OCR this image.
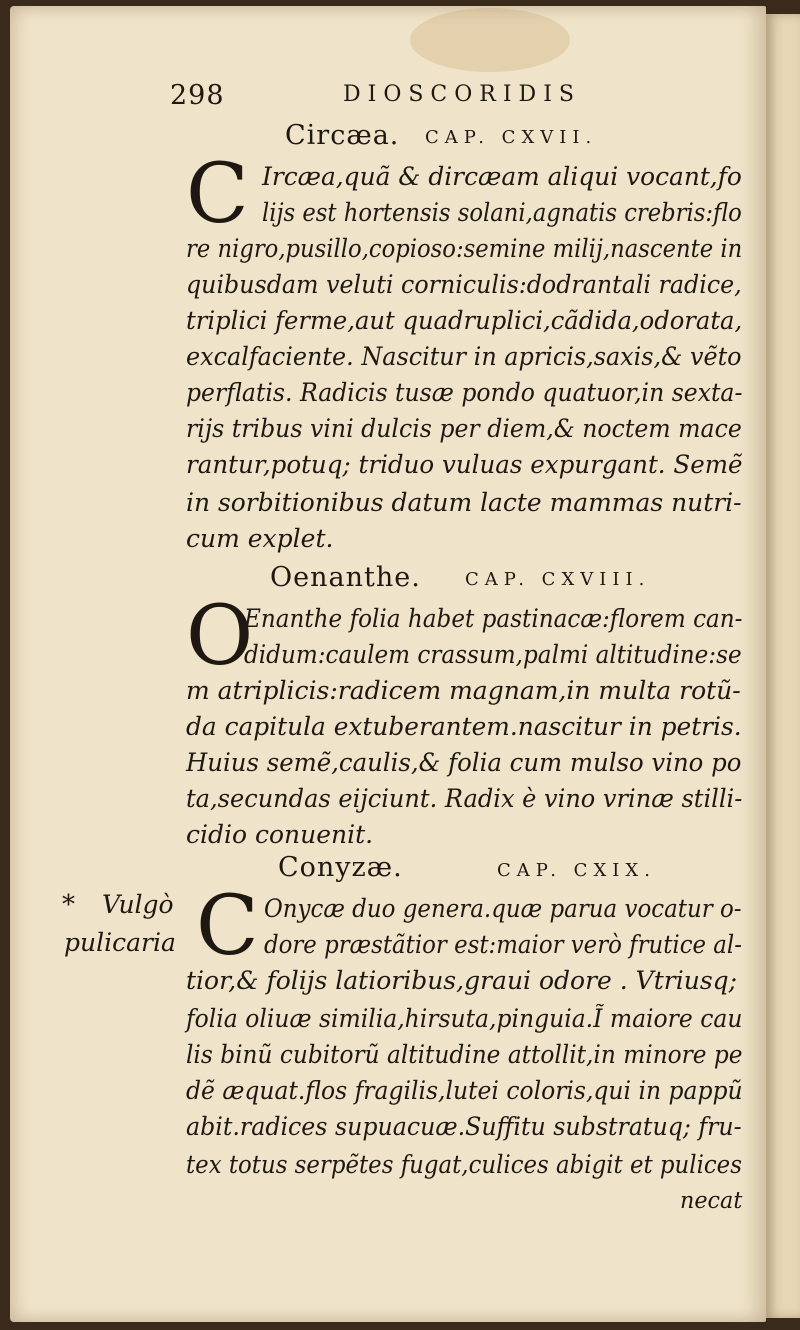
298	DIOSCORIDIS
Circæa. CAP. CXVII.
C Ircæa,quã & dircæam aliqui vocant,fo
lijs est hortensis solani,agnatis crebris:flo
re nigro,pusillo,copioso:semine milij,nascente in
quibusdam veluti corniculis:dodrantali radice,
triplici ferme,aut quadruplici,cãdida,odorata,
excalfaciente. Nascitur in apricis,saxis,& vẽto
perflatis. Radicis tusæ pondo quatuor,in sexta-
rijs tribus vini dulcis per diem,& noctem mace
rantur,potuq; triduo vuluas expurgant. Semẽ
in sorbitionibus datum lacte mammas nutri-
cum explet.
Oenanthe. CAP. CXVIII.
O
Enanthe folia habet pastinacæ:florem can-
didum:caulem crassum,palmi altitudine:se
m atriplicis:radicem magnam,in multa rotũ-
da capitula extuberantem.nascitur in petris.
Huius semẽ,caulis,& folia cum mulso vino po
ta,secundas eijciunt. Radix è vino vrinæ stilli-
cidio conuenit.
Conyzæ.	CAP. CXIX.
* Vulgò
pulicaria C Onycæ duo genera.quæ parua vocatur o-
dore præstãtior est:maior verò frutice al-
tior,& folijs latioribus,graui odore . Vtriusq;
folia oliuæ similia,hirsuta,pinguia.Ĩ maiore cau
lis binũ cubitorũ altitudine attollit,in minore pe
dẽ æquat.flos fragilis,lutei coloris,qui in pappũ
abit.radices supuacuæ.Suffitu substratuq; fru-
tex totus serpẽtes fugat,culices abigit et pulices
necat
